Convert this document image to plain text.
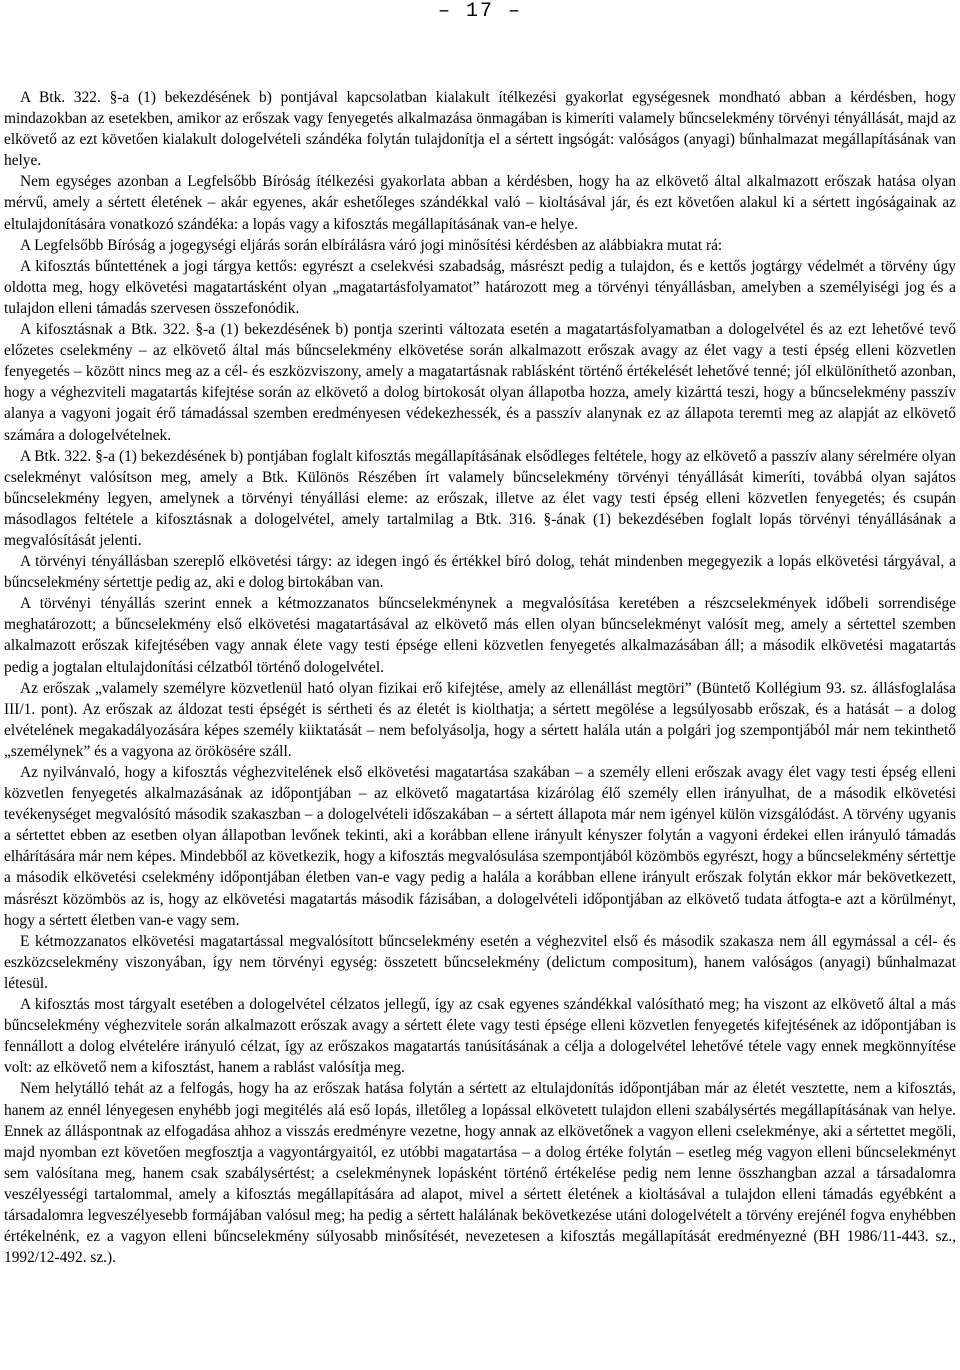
– 17 –

A Btk. 322. §-a (1) bekezdésének b) pontjával kapcsolatban kialakult ítélkezési gyakorlat egységesnek mondható abban a kérdésben, hogy mindazokban az esetekben, amikor az erőszak vagy fenyegetés alkalmazása önmagában is kimeríti valamely bűncselekmény törvényi tényállását, majd az elkövető az ezt követően kialakult dologelvételi szándéka folytán tulajdonítja el a sértett ingsógát: valóságos (anyagi) bűnhalmazat megállapításának van helye.

Nem egységes azonban a Legfelsőbb Bíróság ítélkezési gyakorlata abban a kérdésben, hogy ha az elkövető által alkalmazott erőszak hatása olyan mérvű, amely a sértett életének – akár egyenes, akár eshetőleges szándékkal való – kioltásával jár, és ezt követően alakul ki a sértett ingóságainak az eltulajdonítására vonatkozó szándéka: a lopás vagy a kifosztás megállapításának van-e helye.

A Legfelsőbb Bíróság a jogegységi eljárás során elbírálásra váró jogi minősítési kérdésben az alábbiakra mutat rá:

A kifosztás bűntettének a jogi tárgya kettős: egyrészt a cselekvési szabadság, másrészt pedig a tulajdon, és e kettős jogtárgy védelmét a törvény úgy oldotta meg, hogy elkövetési magatartásként olyan „magatartásfolyamatot” határozott meg a törvényi tényállásban, amelyben a személyiségi jog és a tulajdon elleni támadás szervesen összefonódik.

A kifosztásnak a Btk. 322. §-a (1) bekezdésének b) pontja szerinti változata esetén a magatartásfolyamatban a dologelvétel és az ezt lehetővé tevő előzetes cselekmény – az elkövető által más bűncselekmény elkövetése során alkalmazott erőszak avagy az élet vagy a testi épség elleni közvetlen fenyegetés – között nincs meg az a cél- és eszközviszony, amely a magatartásnak rablásként történő értékelését lehetővé tenné; jól elkülöníthető azonban, hogy a véghezviteli magatartás kifejtése során az elkövető a dolog birtokosát olyan állapotba hozza, amely kizárttá teszi, hogy a bűncselekmény passzív alanya a vagyoni jogait érő támadással szemben eredményesen védekezhessék, és a passzív alanynak ez az állapota teremti meg az alapját az elkövető számára a dologelvételnek.

A Btk. 322. §-a (1) bekezdésének b) pontjában foglalt kifosztás megállapításának elsődleges feltétele, hogy az elkövető a passzív alany sérelmére olyan cselekményt valósítson meg, amely a Btk. Különös Részében írt valamely bűncselekmény törvényi tényállását kimeríti, továbbá olyan sajátos bűncselekmény legyen, amelynek a törvényi tényállási eleme: az erőszak, illetve az élet vagy testi épség elleni közvetlen fenyegetés; és csupán másodlagos feltétele a kifosztásnak a dologelvétel, amely tartalmilag a Btk. 316. §-ának (1) bekezdésében foglalt lopás törvényi tényállásának a megvalósítását jelenti.

A törvényi tényállásban szereplő elkövetési tárgy: az idegen ingó és értékkel bíró dolog, tehát mindenben megegyezik a lopás elkövetési tárgyával, a bűncselekmény sértettje pedig az, aki e dolog birtokában van.

A törvényi tényállás szerint ennek a kétmozzanatos bűncselekménynek a megvalósítása keretében a részcselekmények időbeli sorrendisége meghatározott; a bűncselekmény első elkövetési magatartásával az elkövető más ellen olyan bűncselekményt valósít meg, amely a sértettel szemben alkalmazott erőszak kifejtésében vagy annak élete vagy testi épsége elleni közvetlen fenyegetés alkalmazásában áll; a második elkövetési magatartás pedig a jogtalan eltulajdonítási célzatból történő dologelvétel.

Az erőszak „valamely személyre közvetlenül ható olyan fizikai erő kifejtése, amely az ellenállást megtöri” (Büntető Kollégium 93. sz. állásfoglalása III/1. pont). Az erőszak az áldozat testi épségét is sértheti és az életét is kiolthatja; a sértett megölése a legsúlyosabb erőszak, és a hatását – a dolog elvételének megakadályozására képes személy kiiktatását – nem befolyásolja, hogy a sértett halála után a polgári jog szempontjából már nem tekinthető „személynek” és a vagyona az örökösére száll.

Az nyilvánvaló, hogy a kifosztás véghezvitelének első elkövetési magatartása szakában – a személy elleni erőszak avagy élet vagy testi épség elleni közvetlen fenyegetés alkalmazásának az időpontjában – az elkövető magatartása kizárólag élő személy ellen irányulhat, de a második elkövetési tevékenységet megvalósító második szakaszban – a dologelvételi időszakában – a sértett állapota már nem igényel külön vizsgálódást. A törvény ugyanis a sértettet ebben az esetben olyan állapotban levőnek tekinti, aki a korábban ellene irányult kényszer folytán a vagyoni érdekei ellen irányuló támadás elhárítására már nem képes. Mindebből az következik, hogy a kifosztás megvalósulása szempontjából közömbös egyrészt, hogy a bűncselekmény sértettje a második elkövetési cselekmény időpontjában életben van-e vagy pedig a halála a korábban ellene irányult erőszak folytán ekkor már bekövetkezett, másrészt közömbös az is, hogy az elkövetési magatartás második fázisában, a dologelvételi időpontjában az elkövető tudata átfogta-e azt a körülményt, hogy a sértett életben van-e vagy sem.

E kétmozzanatos elkövetési magatartással megvalósított bűncselekmény esetén a véghezvitel első és második szakasza nem áll egymással a cél- és eszközcselekmény viszonyában, így nem törvényi egység: összetett bűncselekmény (delictum compositum), hanem valóságos (anyagi) bűnhalmazat létesül.

A kifosztás most tárgyalt esetében a dologelvétel célzatos jellegű, így az csak egyenes szándékkal valósítható meg; ha viszont az elkövető által a más bűncselekmény véghezvitele során alkalmazott erőszak avagy a sértett élete vagy testi épsége elleni közvetlen fenyegetés kifejtésének az időpontjában is fennállott a dolog elvételére irányuló célzat, így az erőszakos magatartás tanúsításának a célja a dologelvétel lehetővé tétele vagy ennek megkönnyítése volt: az elkövető nem a kifosztást, hanem a rablást valósítja meg.

Nem helytálló tehát az a felfogás, hogy ha az erőszak hatása folytán a sértett az eltulajdonítás időpontjában már az életét vesztette, nem a kifosztás, hanem az ennél lényegesen enyhébb jogi megitélés alá eső lopás, illetőleg a lopással elkövetett tulajdon elleni szabálysértés megállapításának van helye. Ennek az álláspontnak az elfogadása ahhoz a visszás eredményre vezetne, hogy annak az elkövetőnek a vagyon elleni cselekménye, aki a sértettet megöli, majd nyomban ezt követően megfosztja a vagyontárgyaitól, ez utóbbi magatartása – a dolog értéke folytán – esetleg még vagyon elleni bűncselekményt sem valósítana meg, hanem csak szabálysértést; a cselekménynek lopásként történő értékelése pedig nem lenne összhangban azzal a társadalomra veszélyességi tartalommal, amely a kifosztás megállapítására ad alapot, mivel a sértett életének a kioltásával a tulajdon elleni támadás egyébként a társadalomra legveszélyesebb formájában valósul meg; ha pedig a sértett halálának bekövetkezése utáni dologelvételt a törvény erejénél fogva enyhébben értékelnénk, ez a vagyon elleni bűncselekmény súlyosabb minősítését, nevezetesen a kifosztás megállapítását eredményezné (BH 1986/11-443. sz., 1992/12-492. sz.).
